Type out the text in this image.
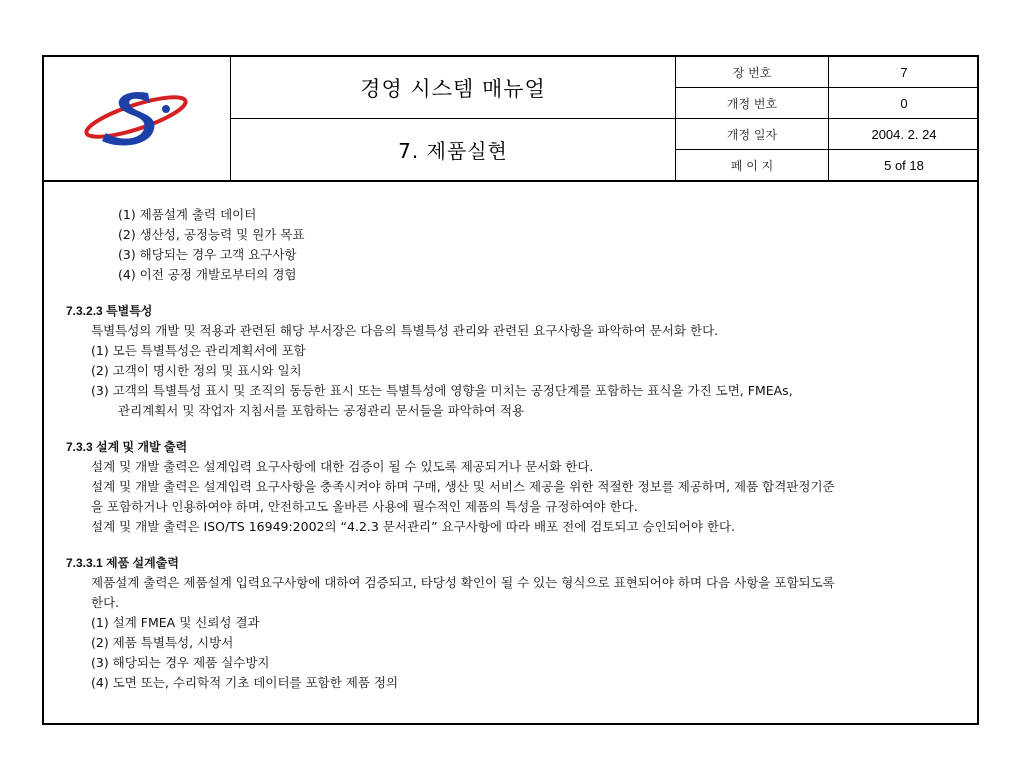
경영 시스템 매뉴얼
7. 제품실현
장 번호	7
개정 번호	0
개정 일자	2004. 2. 24
페 이 지	5 of 18
(1) 제품설계 출력 데이터
(2) 생산성, 공정능력 및 원가 목표
(3) 해당되는 경우 고객 요구사항
(4) 이전 공정 개발로부터의 경험
7.3.2.3 특별특성
특별특성의 개발 및 적용과 관련된 해당 부서장은 다음의 특별특성 관리와 관련된 요구사항을 파악하여 문서화 한다.
(1) 모든 특별특성은 관리계획서에 포함
(2) 고객이 명시한 정의 및 표시와 일치
(3) 고객의 특별특성 표시 및 조직의 동등한 표시 또는 특별특성에 영향을 미치는 공정단계를 포함하는 표식을 가진 도면, FMEAs,
관리계획서 및 작업자 지침서를 포함하는 공정관리 문서들을 파악하여 적용
7.3.3 설계 및 개발 출력
설계 및 개발 출력은 설계입력 요구사항에 대한 검증이 될 수 있도록 제공되거나 문서화 한다.
설계 및 개발 출력은 설계입력 요구사항을 충족시켜야 하며 구매, 생산 및 서비스 제공을 위한 적절한 정보를 제공하며, 제품 합격판정기준
을 포함하거나 인용하여야 하며, 안전하고도 올바른 사용에 필수적인 제품의 특성을 규정하여야 한다.
설계 및 개발 출력은 ISO/TS 16949:2002의 “4.2.3 문서관리” 요구사항에 따라 배포 전에 검토되고 승인되어야 한다.
7.3.3.1 제품 설계출력
제품설계 출력은 제품설계 입력요구사항에 대하여 검증되고, 타당성 확인이 될 수 있는 형식으로 표현되어야 하며 다음 사항을 포함되도록
한다.
(1) 설계 FMEA 및 신뢰성 결과
(2) 제품 특별특성, 시방서
(3) 해당되는 경우 제품 실수방지
(4) 도면 또는, 수리학적 기초 데이터를 포함한 제품 정의
